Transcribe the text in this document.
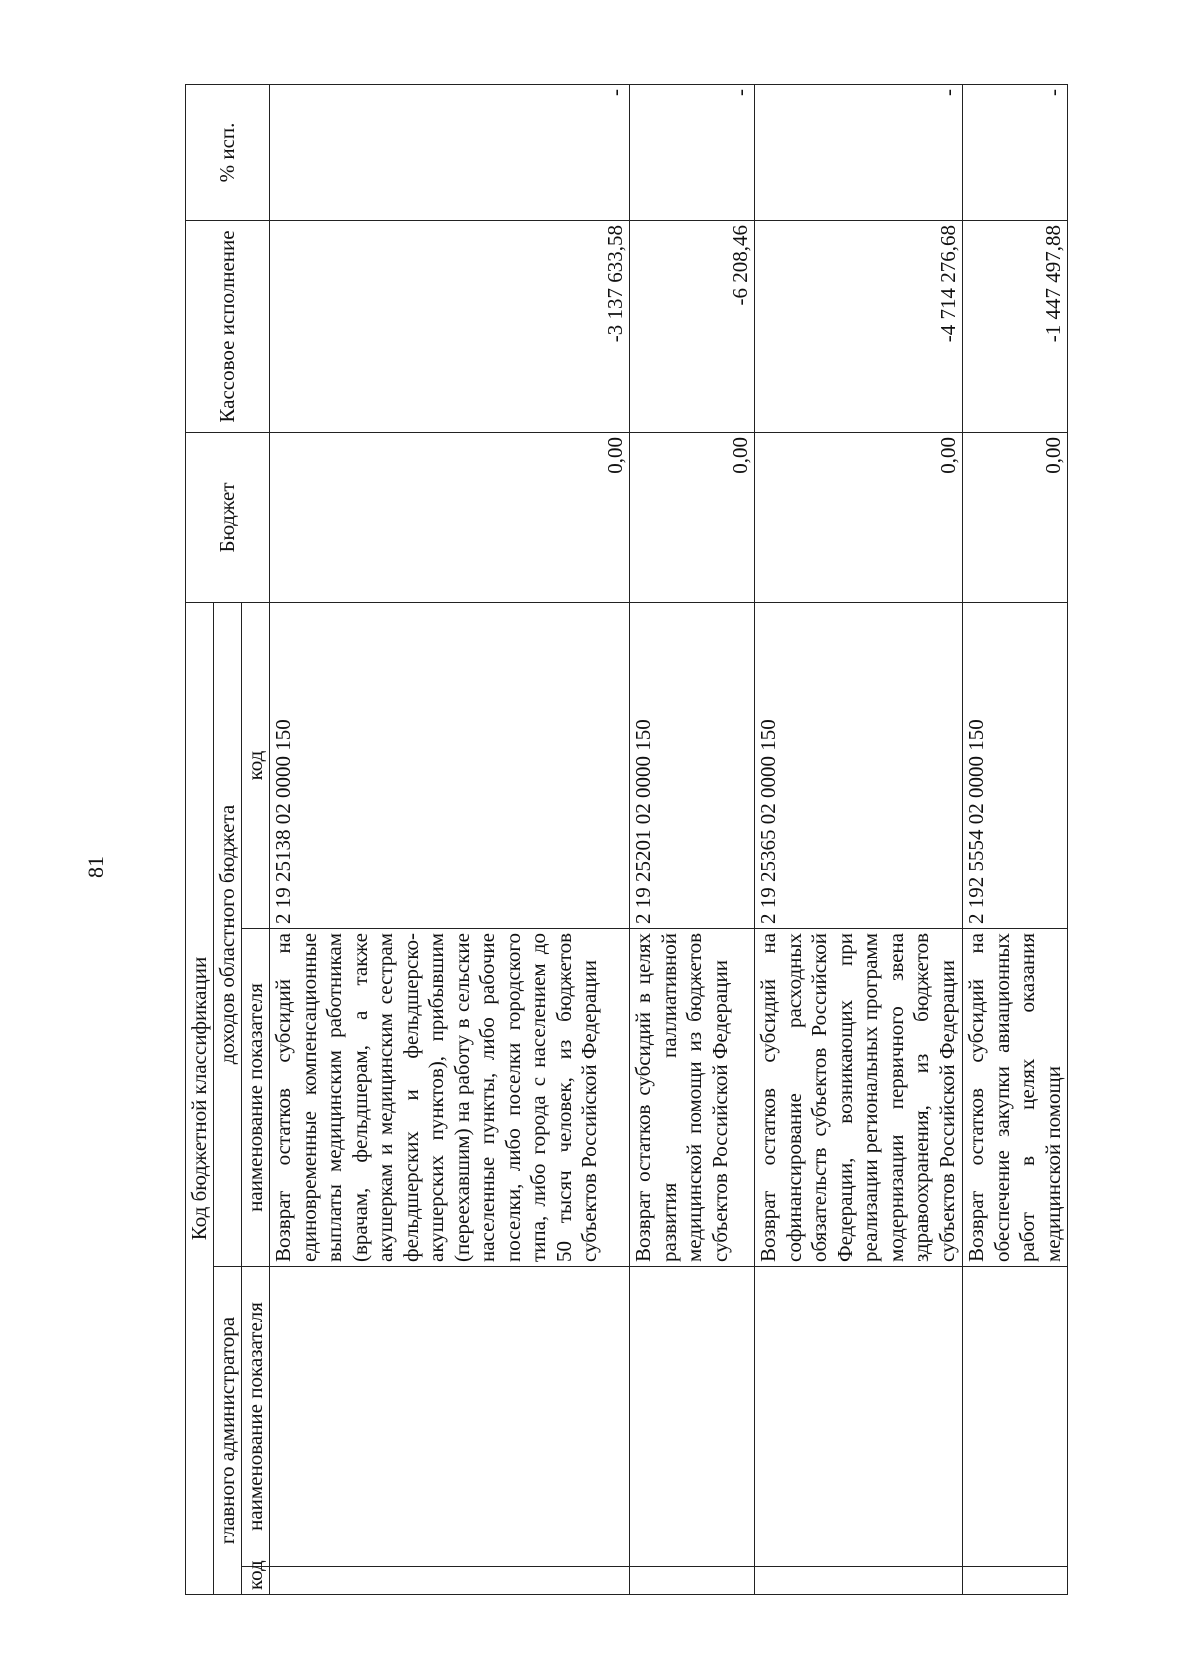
81
Код бюджетной классификации				Бюджет	Кассовое исполнение	% исп.
главного администратора		доходов областного бюджета				
код	наименование показателя	наименование показателя	код			
		Возврат остатков субсидий на единовременные компенсационные выплаты медицинским работникам (врачам, фельдшерам, а также акушеркам и медицинским сестрам фельдшерских и фельдшерско-акушерских пунктов), прибывшим (переехавшим) на работу в сельские населенные пункты, либо рабочие поселки, либо поселки городского типа, либо города с населением до 50 тысяч человек, из бюджетов субъектов Российской Федерации	2 19 25138 02 0000 150	0,00	-3 137 633,58	-
		Возврат остатков субсидий в целях развития паллиативной медицинской помощи из бюджетов субъектов Российской Федерации	2 19 25201 02 0000 150	0,00	-6 208,46	-
		Возврат остатков субсидий на софинансирование расходных обязательств субъектов Российской Федерации, возникающих при реализации региональных программ модернизации первичного звена здравоохранения, из бюджетов субъектов Российской Федерации	2 19 25365 02 0000 150	0,00	-4 714 276,68	-
		Возврат остатков субсидий на обеспечение закупки авиационных работ в целях оказания медицинской помощи	2 192 5554 02 0000 150	0,00	-1 447 497,88	-
